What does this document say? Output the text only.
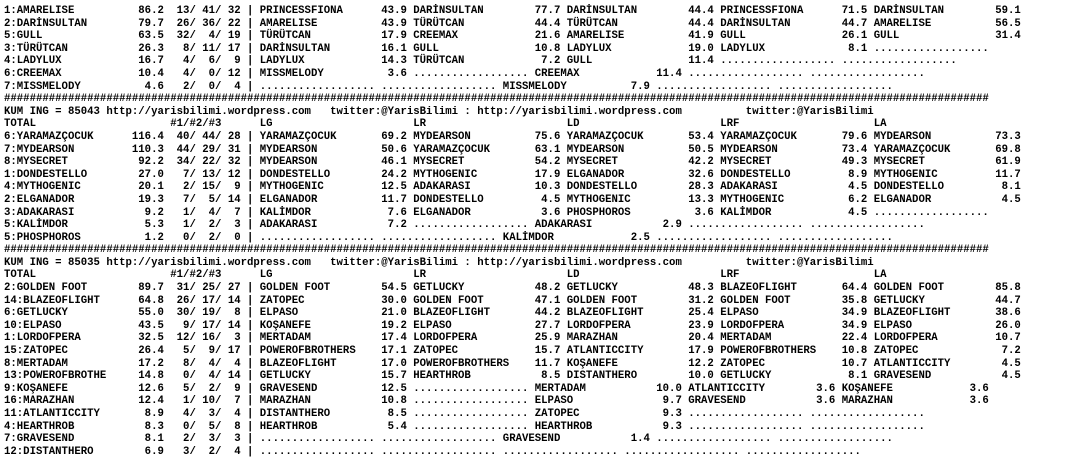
1:AMARELISE          86.2  13/ 41/ 32 | PRINCESSFIONA      43.9 DARİNSULTAN        77.7 DARİNSULTAN        44.4 PRINCESSFIONA      71.5 DARİNSULTAN        59.1
2:DARİNSULTAN        79.7  26/ 36/ 22 | AMARELISE          43.9 TÜRÜTCAN           44.4 TÜRÜTCAN           44.4 DARİNSULTAN        44.7 AMARELISE          56.5
5:GULL               63.5  32/  4/ 19 | TÜRÜTCAN           17.9 CREEMAX            21.6 AMARELISE          41.9 GULL               26.1 GULL               31.4
3:TÜRÜTCAN           26.3   8/ 11/ 17 | DARİNSULTAN        16.1 GULL               10.8 LADYLUX            19.0 LADYLUX             8.1 ..................
4:LADYLUX            16.7   4/  6/  9 | LADYLUX            14.3 TÜRÜTCAN            7.2 GULL               11.4 .................. ..................
6:CREEMAX            10.4   4/  0/ 12 | MISSMELODY          3.6 .................. CREEMAX            11.4 .................. ..................
7:MISSMELODY          4.6   2/  0/  4 | .................. .................. MISSMELODY          7.9 .................. ..................
##########################################################################################################################################################
KUM ING = 85043 http://yarisbilimi.wordpress.com   twitter:@YarisBilimi : http://yarisbilimi.wordpress.com          twitter:@YarisBilimi
TOTAL                     #1/#2/#3      LG                      LR                      LD                      LRF                     LA
6:YARAMAZÇOCUK      116.4  40/ 44/ 28 | YARAMAZÇOCUK       69.2 MYDEARSON          75.6 YARAMAZÇOCUK       53.4 YARAMAZÇOCUK       79.6 MYDEARSON          73.3
7:MYDEARSON         110.3  44/ 29/ 31 | MYDEARSON          50.6 YARAMAZÇOCUK       63.1 MYDEARSON          50.5 MYDEARSON          73.4 YARAMAZÇOCUK       69.8
8:MYSECRET           92.2  34/ 22/ 32 | MYDEARSON          46.1 MYSECRET           54.2 MYSECRET           42.2 MYSECRET           49.3 MYSECRET           61.9
1:DONDESTELLO        27.0   7/ 13/ 12 | DONDESTELLO        24.2 MYTHOGENIC         17.9 ELGANADOR          32.6 DONDESTELLO         8.9 MYTHOGENIC         11.7
4:MYTHOGENIC         20.1   2/ 15/  9 | MYTHOGENIC         12.5 ADAKARASI          10.3 DONDESTELLO        28.3 ADAKARASI           4.5 DONDESTELLO         8.1
2:ELGANADOR          19.3   7/  5/ 14 | ELGANADOR          11.7 DONDESTELLO         4.5 MYTHOGENIC         13.3 MYTHOGENIC          6.2 ELGANADOR           4.5
3:ADAKARASI           9.2   1/  4/  7 | KALİMDOR            7.6 ELGANADOR           3.6 PHOSPHOROS          3.6 KALİMDOR            4.5 ..................
5:KALİMDOR            5.3   1/  2/  3 | ADAKARASI           7.2 .................. ADAKARASI           2.9 .................. ..................
5:PHOSPHOROS          1.2   0/  2/  0 | .................. .................. KALİMDOR            2.5 .................. ..................
##########################################################################################################################################################
KUM ING = 85035 http://yarisbilimi.wordpress.com   twitter:@YarisBilimi : http://yarisbilimi.wordpress.com          twitter:@YarisBilimi
TOTAL                     #1/#2/#3      LG                      LR                      LD                      LRF                     LA
2:GOLDEN FOOT        89.7  31/ 25/ 27 | GOLDEN FOOT        54.5 GETLUCKY           48.2 GETLUCKY           48.3 BLAZEOFLIGHT       64.4 GOLDEN FOOT        85.8
14:BLAZEOFLIGHT      64.8  26/ 17/ 14 | ZATOPEC            30.0 GOLDEN FOOT        47.1 GOLDEN FOOT        31.2 GOLDEN FOOT        35.8 GETLUCKY           44.7
6:GETLUCKY           55.0  30/ 19/  8 | ELPASO             21.0 BLAZEOFLIGHT       44.2 BLAZEOFLIGHT       25.4 ELPASO             34.9 BLAZEOFLIGHT       38.6
10:ELPASO            43.5   9/ 17/ 14 | KOŞANEFE           19.2 ELPASO             27.7 LORDOFPERA         23.9 LORDOFPERA         34.9 ELPASO             26.0
1:LORDOFPERA         32.5  12/ 16/  3 | MERTADAM           17.4 LORDOFPERA         25.9 MARAZHAN           20.4 MERTADAM           22.4 LORDOFPERA         10.7
15:ZATOPEC           26.4   5/  9/ 17 | POWEROFBROTHERS    17.1 ZATOPEC            15.7 ATLANTICCITY       17.9 POWEROFBROTHERS    10.8 ZATOPEC             7.2
8:MERTADAM           17.2   8/  4/  4 | BLAZEOFLIGHT       17.0 POWEROFBROTHERS    11.7 KOŞANEFE           12.2 ZATOPEC            10.7 ATLANTICCITY        4.5
13:POWEROFBROTHE     14.8   0/  4/ 14 | GETLUCKY           15.7 HEARTHROB           8.5 DISTANTHERO        10.0 GETLUCKY            8.1 GRAVESEND           4.5
9:KOŞANEFE           12.6   5/  2/  9 | GRAVESEND          12.5 .................. MERTADAM           10.0 ATLANTICCITY        3.6 KOŞANEFE            3.6
16:MARAZHAN          12.4   1/ 10/  7 | MARAZHAN           10.8 .................. ELPASO              9.7 GRAVESEND           3.6 MARAZHAN            3.6
11:ATLANTICCITY       8.9   4/  3/  4 | DISTANTHERO         8.5 .................. ZATOPEC             9.3 .................. ..................
4:HEARTHROB           8.3   0/  5/  8 | HEARTHROB           5.4 .................. HEARTHROB           9.3 .................. ..................
7:GRAVESEND           8.1   2/  3/  3 | .................. .................. GRAVESEND           1.4 .................. ..................
12:DISTANTHERO        6.9   3/  2/  4 | .................. .................. .................. .................. ..................
